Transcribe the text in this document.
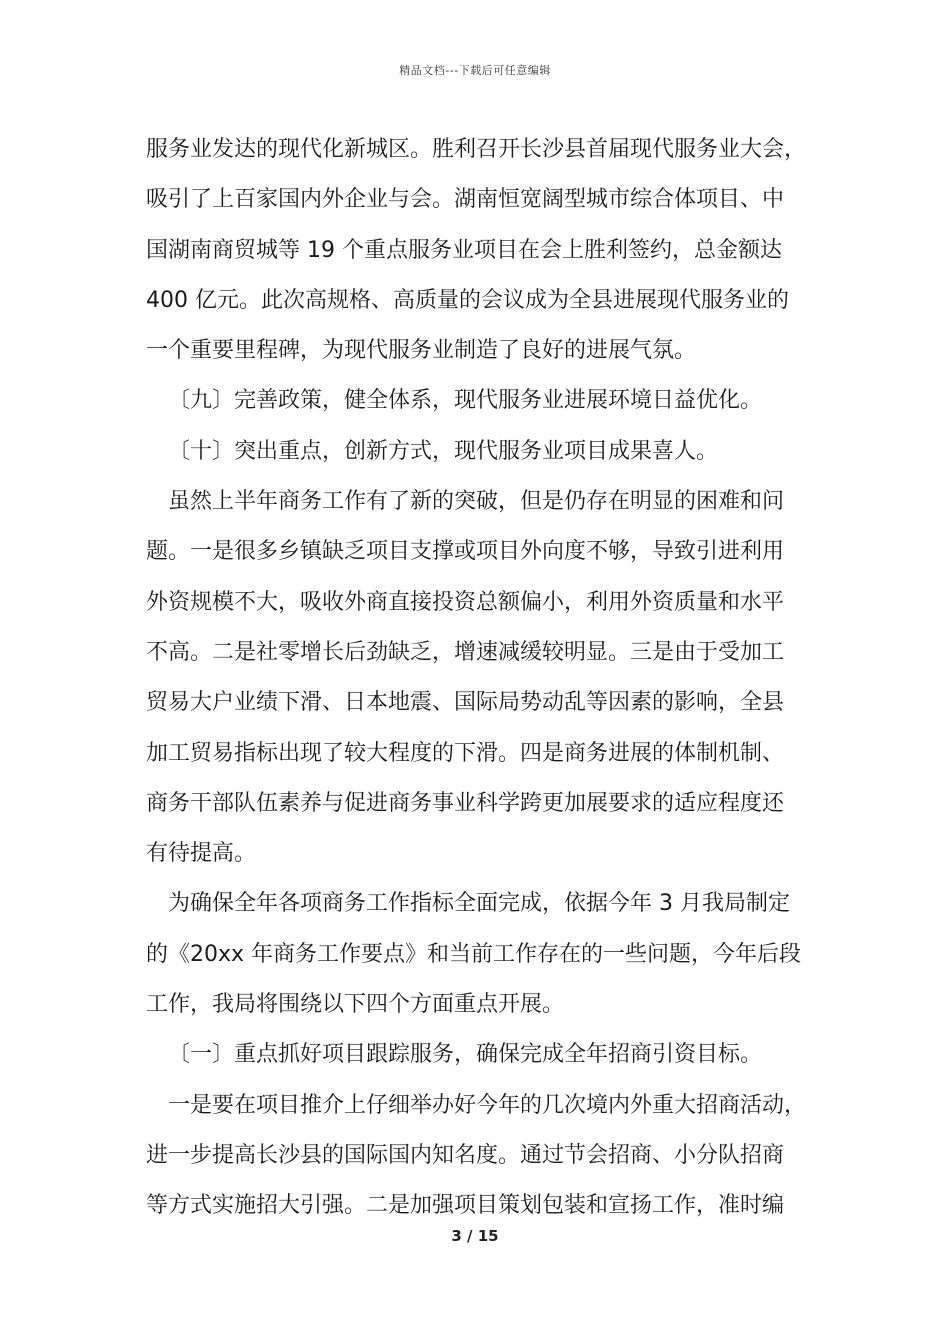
精品文档---下载后可任意编辑
服务业发达的现代化新城区。胜利召开长沙县首届现代服务业大会，
吸引了上百家国内外企业与会。湖南恒宽阔型城市综合体项目、中
国湖南商贸城等 19 个重点服务业项目在会上胜利签约，总金额达
400 亿元。此次高规格、高质量的会议成为全县进展现代服务业的
一个重要里程碑，为现代服务业制造了良好的进展气氛。
〔九〕完善政策，健全体系，现代服务业进展环境日益优化。
〔十〕突出重点，创新方式，现代服务业项目成果喜人。
虽然上半年商务工作有了新的突破，但是仍存在明显的困难和问
题。一是很多乡镇缺乏项目支撑或项目外向度不够，导致引进利用
外资规模不大，吸收外商直接投资总额偏小，利用外资质量和水平
不高。二是社零增长后劲缺乏，增速减缓较明显。三是由于受加工
贸易大户业绩下滑、日本地震、国际局势动乱等因素的影响，全县
加工贸易指标出现了较大程度的下滑。四是商务进展的体制机制、
商务干部队伍素养与促进商务事业科学跨更加展要求的适应程度还
有待提高。
为确保全年各项商务工作指标全面完成，依据今年 3 月我局制定
的《20xx 年商务工作要点》和当前工作存在的一些问题，今年后段
工作，我局将围绕以下四个方面重点开展。
〔一〕重点抓好项目跟踪服务，确保完成全年招商引资目标。
一是要在项目推介上仔细举办好今年的几次境内外重大招商活动，
进一步提高长沙县的国际国内知名度。通过节会招商、小分队招商
等方式实施招大引强。二是加强项目策划包装和宣扬工作，准时编
3 / 15
